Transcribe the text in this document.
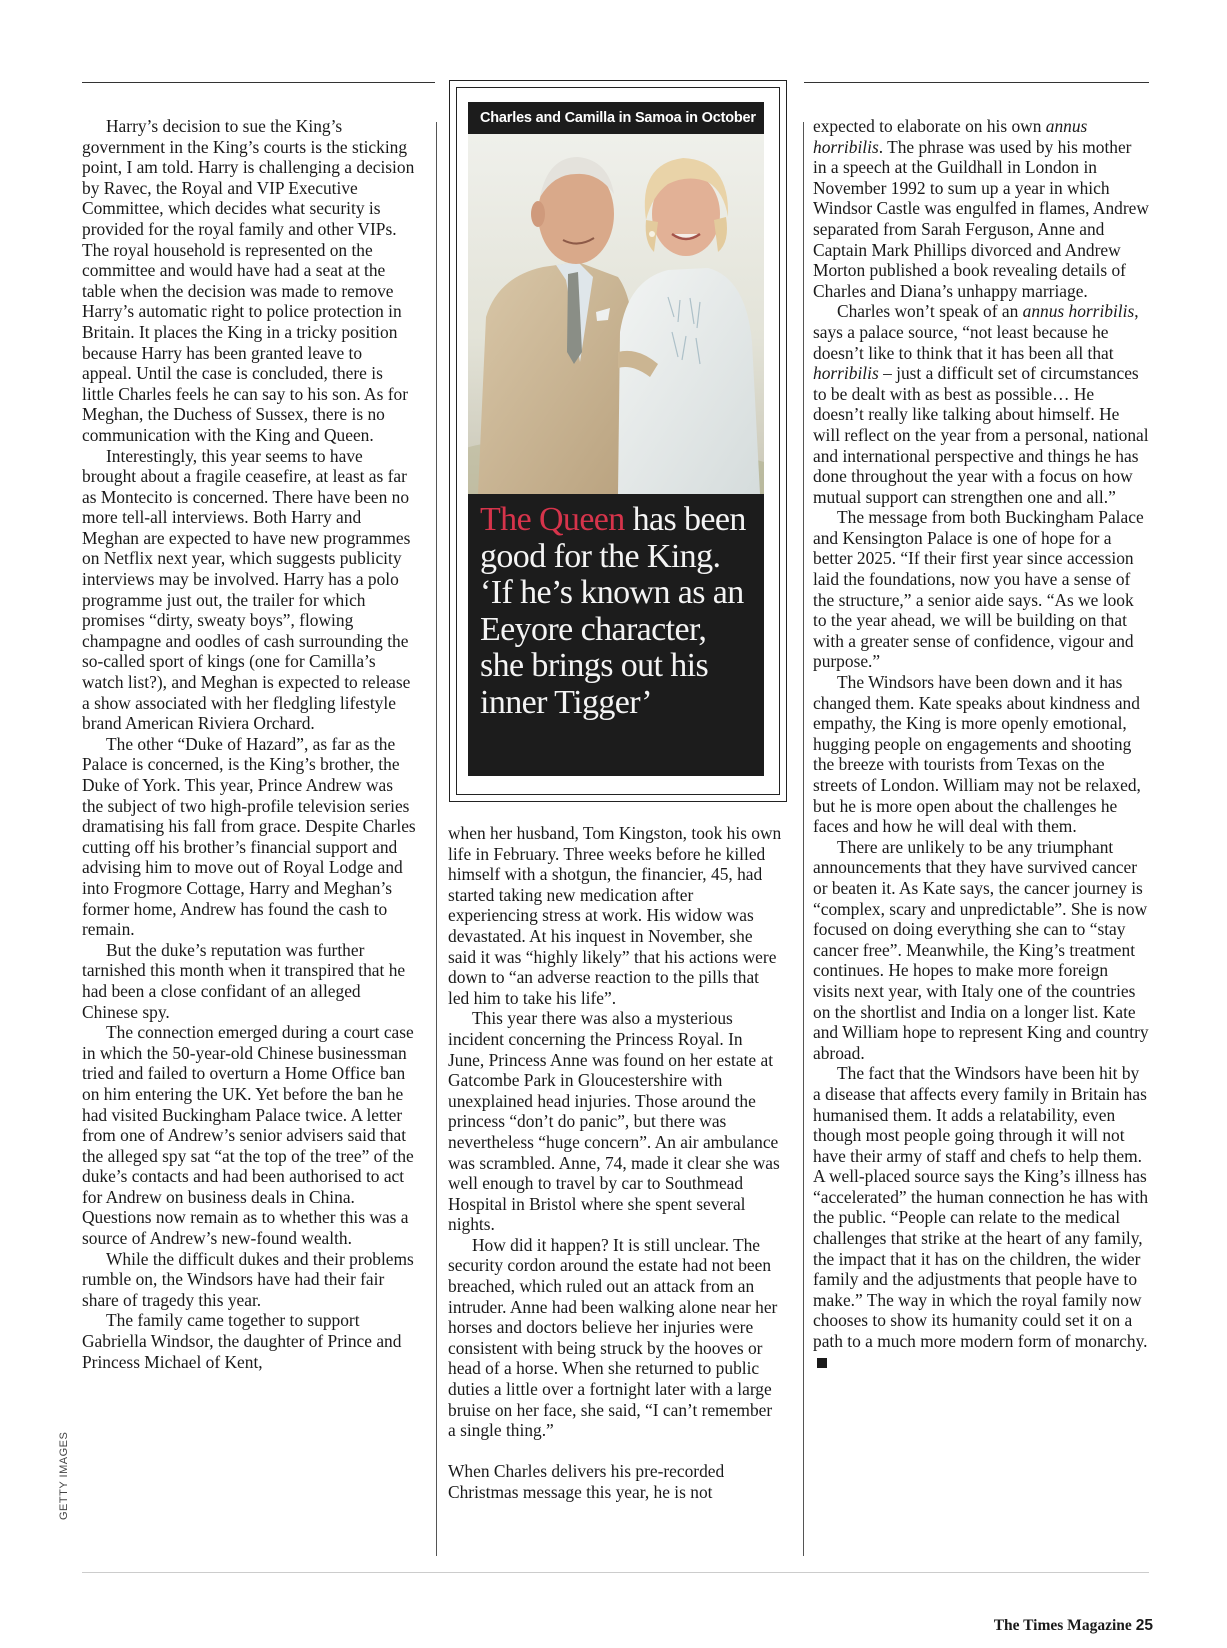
Harry’s decision to sue the King’s government in the King’s courts is the sticking point, I am told. Harry is challenging a decision by Ravec, the Royal and VIP Executive Committee, which decides what security is provided for the royal family and other VIPs. The royal household is represented on the committee and would have had a seat at the table when the decision was made to remove Harry’s automatic right to police protection in Britain. It places the King in a tricky position because Harry has been granted leave to appeal. Until the case is concluded, there is little Charles feels he can say to his son. As for Meghan, the Duchess of Sussex, there is no communication with the King and Queen.

Interestingly, this year seems to have brought about a fragile ceasefire, at least as far as Montecito is concerned. There have been no more tell-all interviews. Both Harry and Meghan are expected to have new programmes on Netflix next year, which suggests publicity interviews may be involved. Harry has a polo programme just out, the trailer for which promises “dirty, sweaty boys”, flowing champagne and oodles of cash surrounding the so-called sport of kings (one for Camilla’s watch list?), and Meghan is expected to release a show associated with her fledgling lifestyle brand American Riviera Orchard.

The other “Duke of Hazard”, as far as the Palace is concerned, is the King’s brother, the Duke of York. This year, Prince Andrew was the subject of two high-profile television series dramatising his fall from grace. Despite Charles cutting off his brother’s financial support and advising him to move out of Royal Lodge and into Frogmore Cottage, Harry and Meghan’s former home, Andrew has found the cash to remain.

But the duke’s reputation was further tarnished this month when it transpired that he had been a close confidant of an alleged Chinese spy.

The connection emerged during a court case in which the 50-year-old Chinese businessman tried and failed to overturn a Home Office ban on him entering the UK. Yet before the ban he had visited Buckingham Palace twice. A letter from one of Andrew’s senior advisers said that the alleged spy sat “at the top of the tree” of the duke’s contacts and had been authorised to act for Andrew on business deals in China. Questions now remain as to whether this was a source of Andrew’s new-found wealth.

While the difficult dukes and their problems rumble on, the Windsors have had their fair share of tragedy this year.

The family came together to support Gabriella Windsor, the daughter of Prince and Princess Michael of Kent,

Charles and Camilla in Samoa in October
The Queen has been good for the King. ‘If he’s known as an Eeyore character, she brings out his inner Tigger’

when her husband, Tom Kingston, took his own life in February. Three weeks before he killed himself with a shotgun, the financier, 45, had started taking new medication after experiencing stress at work. His widow was devastated. At his inquest in November, she said it was “highly likely” that his actions were down to “an adverse reaction to the pills that led him to take his life”.

This year there was also a mysterious incident concerning the Princess Royal. In June, Princess Anne was found on her estate at Gatcombe Park in Gloucestershire with unexplained head injuries. Those around the princess “don’t do panic”, but there was nevertheless “huge concern”. An air ambulance was scrambled. Anne, 74, made it clear she was well enough to travel by car to Southmead Hospital in Bristol where she spent several nights.

How did it happen? It is still unclear. The security cordon around the estate had not been breached, which ruled out an attack from an intruder. Anne had been walking alone near her horses and doctors believe her injuries were consistent with being struck by the hooves or head of a horse. When she returned to public duties a little over a fortnight later with a large bruise on her face, she said, “I can’t remember a single thing.”

When Charles delivers his pre-recorded Christmas message this year, he is not

expected to elaborate on his own annus horribilis. The phrase was used by his mother in a speech at the Guildhall in London in November 1992 to sum up a year in which Windsor Castle was engulfed in flames, Andrew separated from Sarah Ferguson, Anne and Captain Mark Phillips divorced and Andrew Morton published a book revealing details of Charles and Diana’s unhappy marriage.

Charles won’t speak of an annus horribilis, says a palace source, “not least because he doesn’t like to think that it has been all that horribilis – just a difficult set of circumstances to be dealt with as best as possible… He doesn’t really like talking about himself. He will reflect on the year from a personal, national and international perspective and things he has done throughout the year with a focus on how mutual support can strengthen one and all.”

The message from both Buckingham Palace and Kensington Palace is one of hope for a better 2025. “If their first year since accession laid the foundations, now you have a sense of the structure,” a senior aide says. “As we look to the year ahead, we will be building on that with a greater sense of confidence, vigour and purpose.”

The Windsors have been down and it has changed them. Kate speaks about kindness and empathy, the King is more openly emotional, hugging people on engagements and shooting the breeze with tourists from Texas on the streets of London. William may not be relaxed, but he is more open about the challenges he faces and how he will deal with them.

There are unlikely to be any triumphant announcements that they have survived cancer or beaten it. As Kate says, the cancer journey is “complex, scary and unpredictable”. She is now focused on doing everything she can to “stay cancer free”. Meanwhile, the King’s treatment continues. He hopes to make more foreign visits next year, with Italy one of the countries on the shortlist and India on a longer list. Kate and William hope to represent King and country abroad.

The fact that the Windsors have been hit by a disease that affects every family in Britain has humanised them. It adds a relatability, even though most people going through it will not have their army of staff and chefs to help them. A well-placed source says the King’s illness has “accelerated” the human connection he has with the public. “People can relate to the medical challenges that strike at the heart of any family, the impact that it has on the children, the wider family and the adjustments that people have to make.” The way in which the royal family now chooses to show its humanity could set it on a path to a much more modern form of monarchy.

GETTY IMAGES
The Times Magazine 25
